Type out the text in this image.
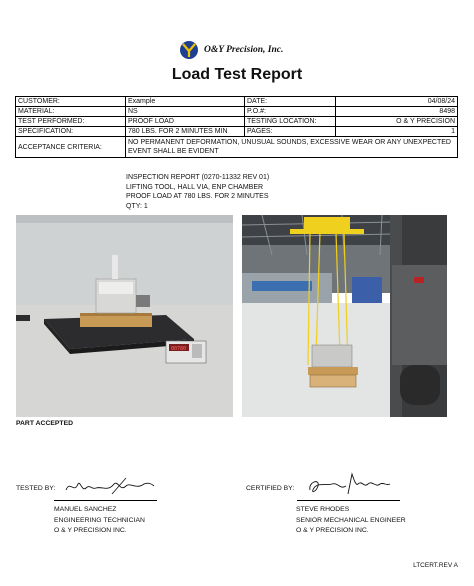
O&Y Precision, Inc.
Load Test Report
CUSTOMER:	Example	DATE:	04/08/24
MATERIAL:	NS	P.O.#:	8498
TEST PERFORMED:	PROOF LOAD	TESTING LOCATION:	O & Y PRECISION
SPECIFICATION:	780 LBS. FOR 2 MINUTES MIN	PAGES:	1
ACCEPTANCE CRITERIA:	NO PERMANENT DEFORMATION, UNUSUAL SOUNDS, EXCESSIVE WEAR OR ANY UNEXPECTED EVENT SHALL BE EVIDENT		
INSPECTION REPORT (0270-11332 REV 01)
LIFTING TOOL, HALL VIA, ENP CHAMBER
PROOF LOAD AT 780 LBS. FOR 2 MINUTES
QTY: 1
00780
PART ACCEPTED
TESTED BY:
MANUEL SANCHEZ
ENGINEERING TECHNICIAN
O & Y PRECISION INC.
CERTIFIED BY:
STEVE RHODES
SENIOR MECHANICAL ENGINEER
O & Y PRECISION INC.
LTCERT.REV A
